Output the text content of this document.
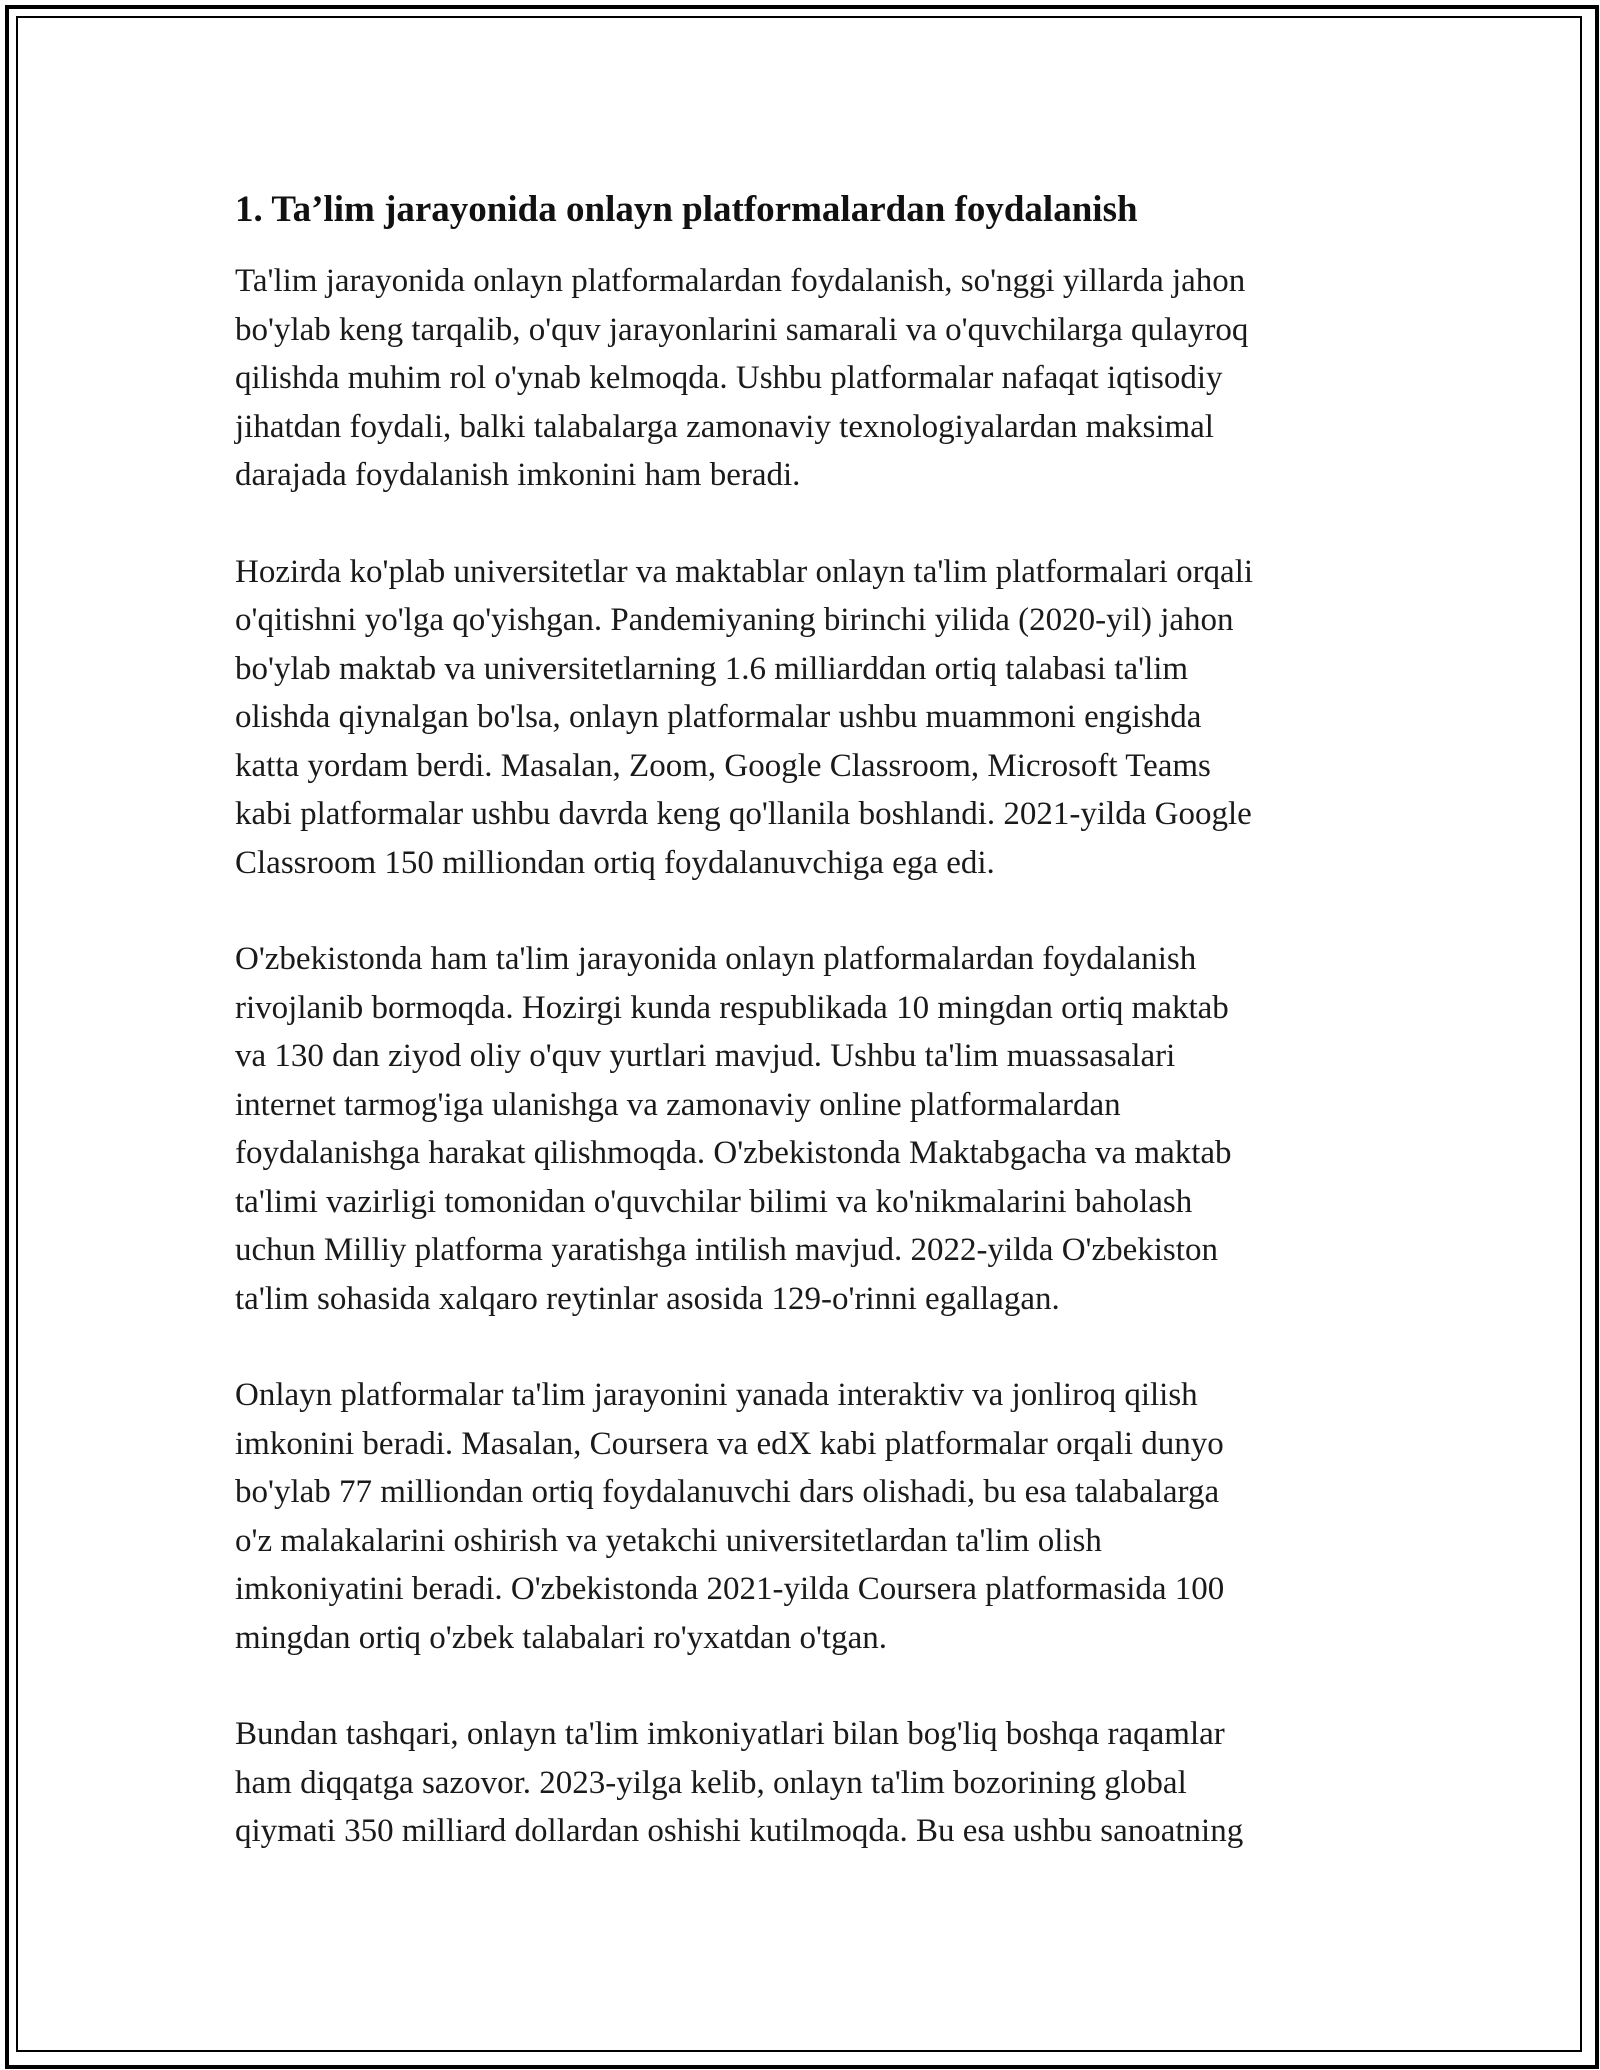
1. Ta’lim jarayonida onlayn platformalardan foydalanish

Ta'lim jarayonida onlayn platformalardan foydalanish, so'nggi yillarda jahon
bo'ylab keng tarqalib, o'quv jarayonlarini samarali va o'quvchilarga qulayroq
qilishda muhim rol o'ynab kelmoqda. Ushbu platformalar nafaqat iqtisodiy
jihatdan foydali, balki talabalarga zamonaviy texnologiyalardan maksimal
darajada foydalanish imkonini ham beradi.

Hozirda ko'plab universitetlar va maktablar onlayn ta'lim platformalari orqali
o'qitishni yo'lga qo'yishgan. Pandemiyaning birinchi yilida (2020-yil) jahon
bo'ylab maktab va universitetlarning 1.6 milliarddan ortiq talabasi ta'lim
olishda qiynalgan bo'lsa, onlayn platformalar ushbu muammoni engishda
katta yordam berdi. Masalan, Zoom, Google Classroom, Microsoft Teams
kabi platformalar ushbu davrda keng qo'llanila boshlandi. 2021-yilda Google
Classroom 150 milliondan ortiq foydalanuvchiga ega edi.

O'zbekistonda ham ta'lim jarayonida onlayn platformalardan foydalanish
rivojlanib bormoqda. Hozirgi kunda respublikada 10 mingdan ortiq maktab
va 130 dan ziyod oliy o'quv yurtlari mavjud. Ushbu ta'lim muassasalari
internet tarmog'iga ulanishga va zamonaviy online platformalardan
foydalanishga harakat qilishmoqda. O'zbekistonda Maktabgacha va maktab
ta'limi vazirligi tomonidan o'quvchilar bilimi va ko'nikmalarini baholash
uchun Milliy platforma yaratishga intilish mavjud. 2022-yilda O'zbekiston
ta'lim sohasida xalqaro reytinlar asosida 129-o'rinni egallagan.

Onlayn platformalar ta'lim jarayonini yanada interaktiv va jonliroq qilish
imkonini beradi. Masalan, Coursera va edX kabi platformalar orqali dunyo
bo'ylab 77 milliondan ortiq foydalanuvchi dars olishadi, bu esa talabalarga
o'z malakalarini oshirish va yetakchi universitetlardan ta'lim olish
imkoniyatini beradi. O'zbekistonda 2021-yilda Coursera platformasida 100
mingdan ortiq o'zbek talabalari ro'yxatdan o'tgan.

Bundan tashqari, onlayn ta'lim imkoniyatlari bilan bog'liq boshqa raqamlar
ham diqqatga sazovor. 2023-yilga kelib, onlayn ta'lim bozorining global
qiymati 350 milliard dollardan oshishi kutilmoqda. Bu esa ushbu sanoatning
